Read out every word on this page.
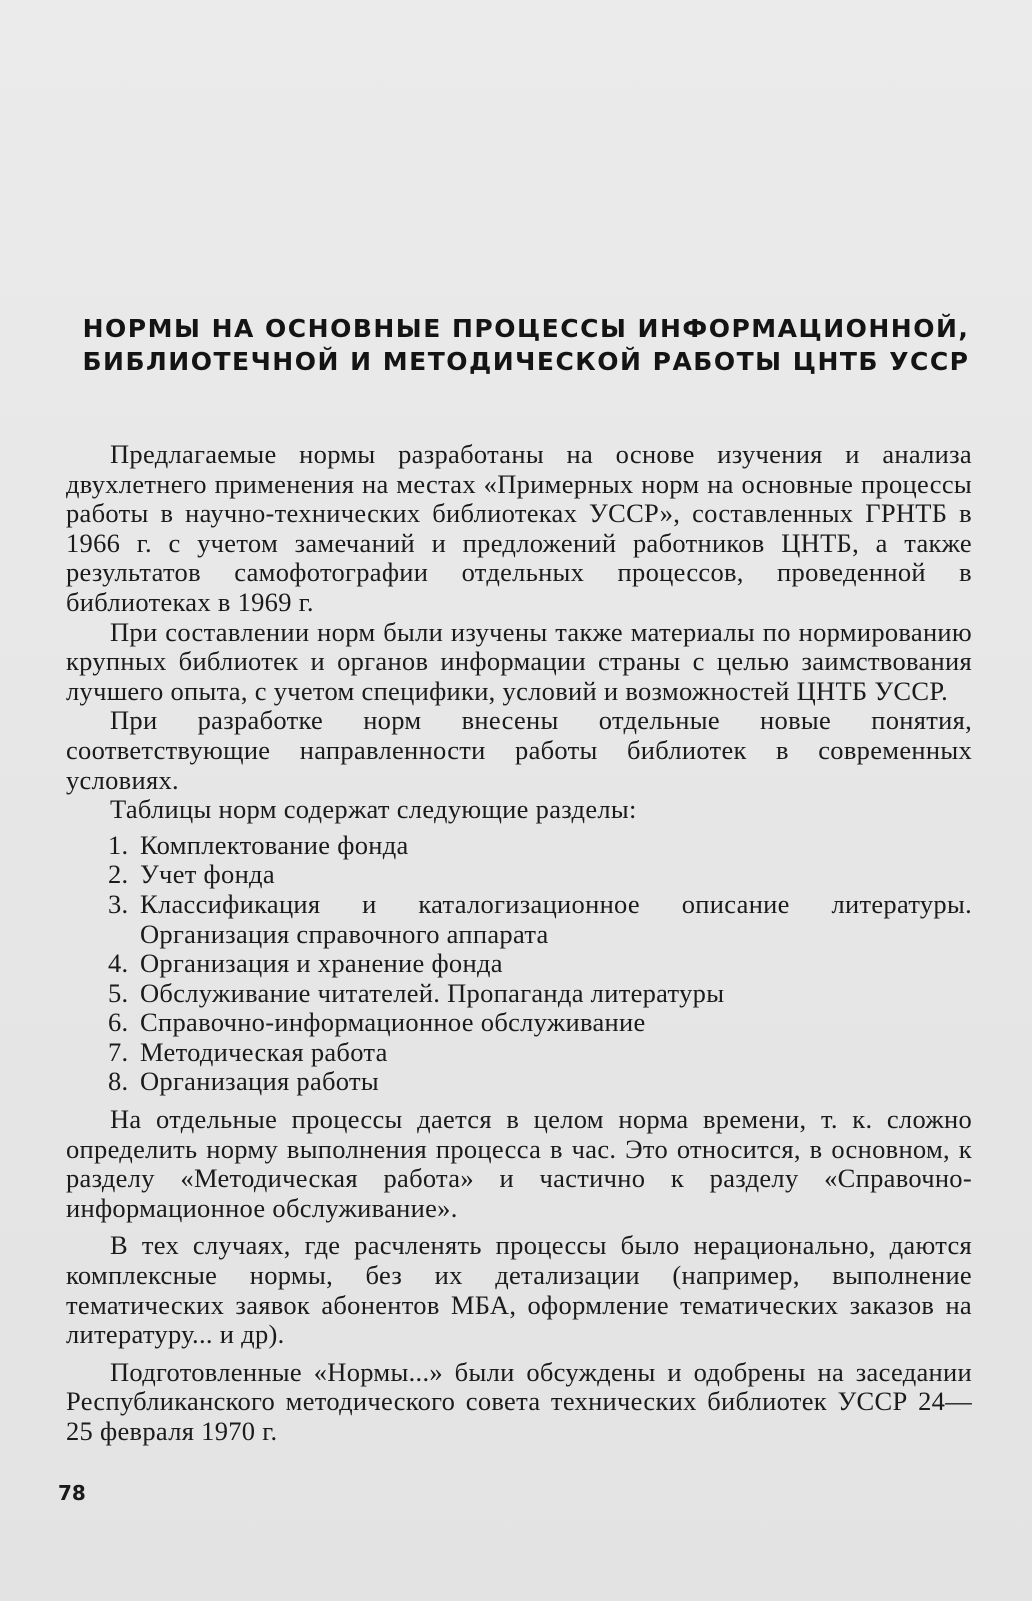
НОРМЫ НА ОСНОВНЫЕ ПРОЦЕССЫ ИНФОРМАЦИОННОЙ,
БИБЛИОТЕЧНОЙ И МЕТОДИЧЕСКОЙ РАБОТЫ ЦНТБ УССР

Предлагаемые нормы разработаны на основе изучения и анализа двухлетнего применения на местах «Примерных норм на основные процессы работы в научно-технических библиотеках УССР», составленных ГРНТБ в 1966 г. с учетом замечаний и предложений работников ЦНТБ, а также результатов самофотографии отдельных процессов, проведенной в библиотеках в 1969 г.

При составлении норм были изучены также материалы по нормированию крупных библиотек и органов информации страны с целью заимствования лучшего опыта, с учетом специфики, условий и возможностей ЦНТБ УССР.

При разработке норм внесены отдельные новые понятия, соответствующие направленности работы библиотек в современных условиях.

Таблицы норм содержат следующие разделы:

1. Комплектование фонда
2. Учет фонда
3. Классификация и каталогизационное описание литературы. Организация справочного аппарата
4. Организация и хранение фонда
5. Обслуживание читателей. Пропаганда литературы
6. Справочно-информационное обслуживание
7. Методическая работа
8. Организация работы

На отдельные процессы дается в целом норма времени, т. к. сложно определить норму выполнения процесса в час. Это относится, в основном, к разделу «Методическая работа» и частично к разделу «Справочно-информационное обслуживание».

В тех случаях, где расчленять процессы было нерационально, даются комплексные нормы, без их детализации (например, выполнение тематических заявок абонентов МБА, оформление тематических заказов на литературу... и др).

Подготовленные «Нормы...» были обсуждены и одобрены на заседании Республиканского методического совета технических библиотек УССР 24—25 февраля 1970 г.

78
